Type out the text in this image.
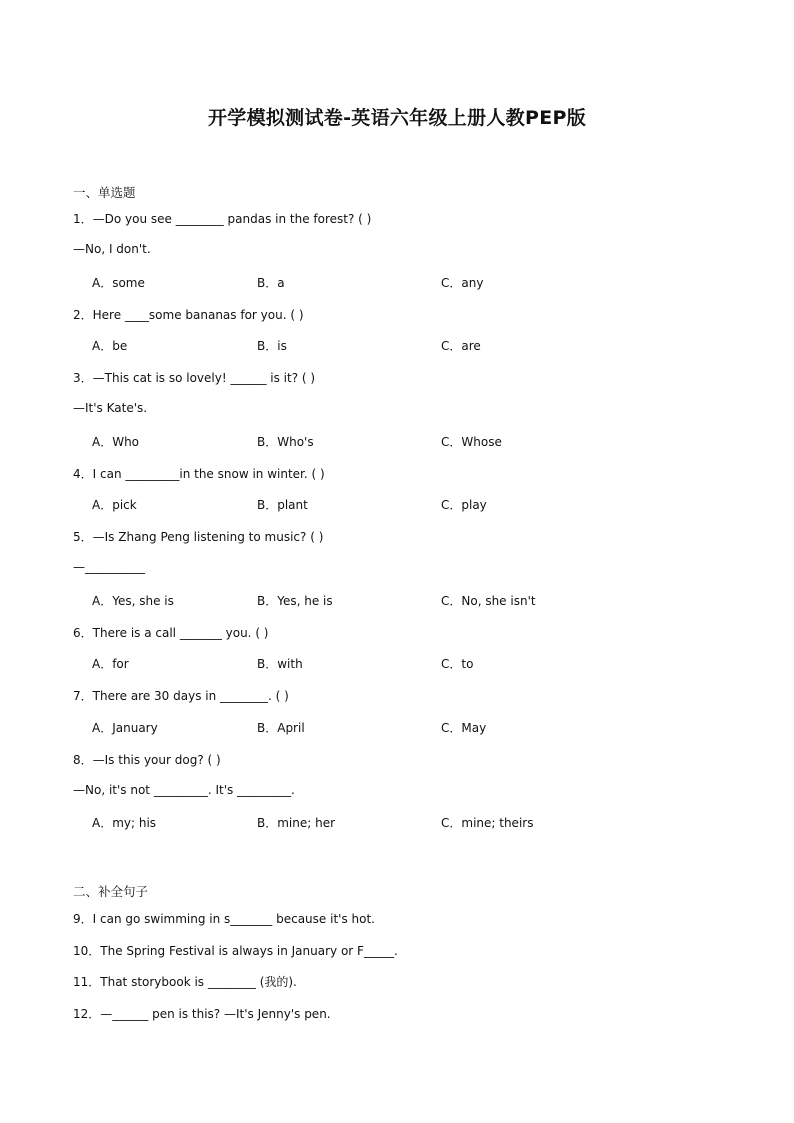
开学模拟测试卷-英语六年级上册人教PEP版
一、单选题
1．—Do you see ________ pandas in the forest? ( )
—No, I don't.
A．some	B．a	C．any
2．Here ____some bananas for you. ( )
A．be	B．is	C．are
3．—This cat is so lovely! ______ is it? ( )
—It's Kate's.
A．Who	B．Who's	C．Whose
4．I can _________in the snow in winter. ( )
A．pick	B．plant	C．play
5．—Is Zhang Peng listening to music? ( )
—__________
A．Yes, she is	B．Yes, he is	C．No, she isn't
6．There is a call _______ you. ( )
A．for	B．with	C．to
7．There are 30 days in ________. ( )
A．January	B．April	C．May
8．—Is this your dog? ( )
—No, it's not _________. It's _________.
A．my; his	B．mine; her	C．mine; theirs
二、补全句子
9．I can go swimming in s_______ because it's hot.
10．The Spring Festival is always in January or F_____.
11．That storybook is ________ (我的).
12．—______ pen is this? —It's Jenny's pen.
